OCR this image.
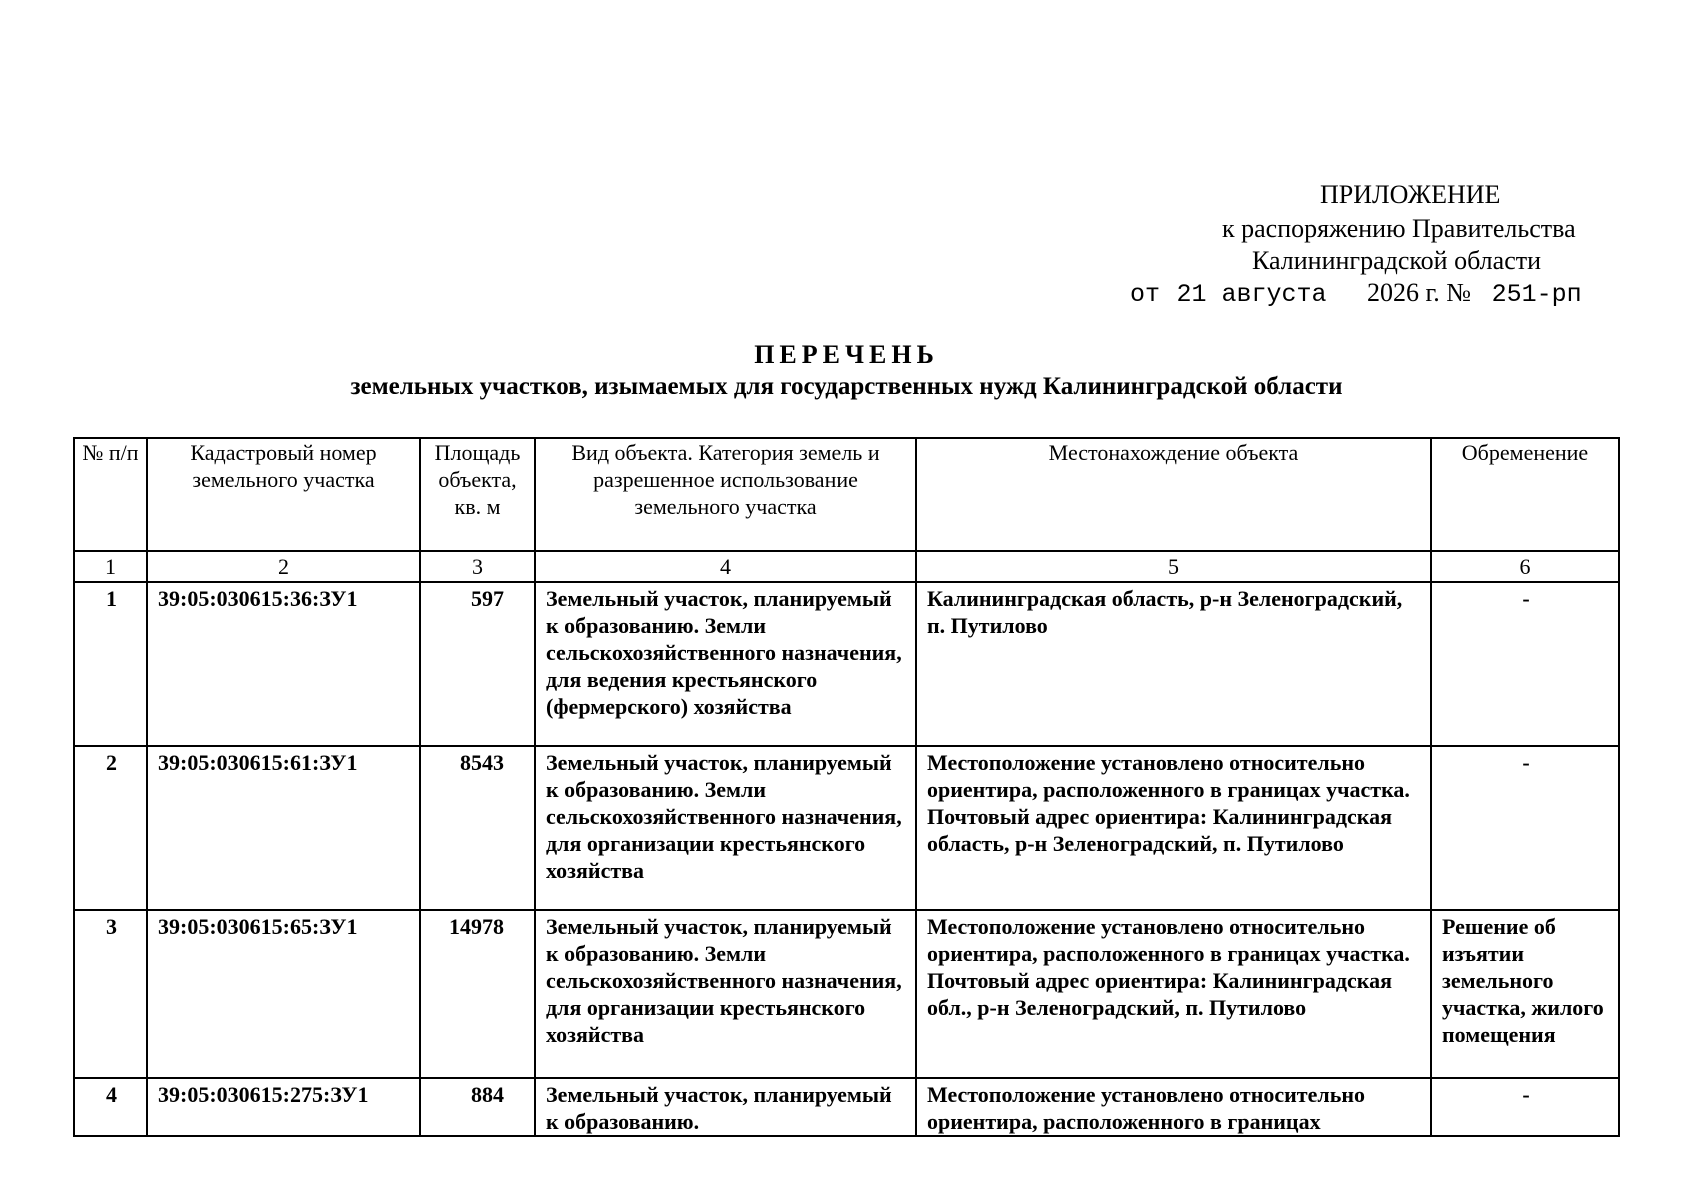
ПРИЛОЖЕНИЕ
к распоряжению Правительства
Калининградской области
от 21 августа 2026 г. № 251-рп
ПЕРЕЧЕНЬ
земельных участков, изымаемых для государственных нужд Калининградской области
№ п/п	Кадастровый номер земельного участка	Площадь объекта, кв. м	Вид объекта. Категория земель и разрешенное использование земельного участка	Местонахождение объекта	Обременение
1	2	3	4	5	6
1	39:05:030615:36:ЗУ1	597	Земельный участок, планируемый к образованию. Земли сельскохозяйственного назначения, для ведения крестьянского (фермерского) хозяйства	Калининградская область, р-н Зеленоградский, п. Путилово	-
2	39:05:030615:61:ЗУ1	8543	Земельный участок, планируемый к образованию. Земли сельскохозяйственного назначения, для организации крестьянского хозяйства	Местоположение установлено относительно ориентира, расположенного в границах участка. Почтовый адрес ориентира: Калининградская область, р-н Зеленоградский, п. Путилово	-
3	39:05:030615:65:ЗУ1	14978	Земельный участок, планируемый к образованию. Земли сельскохозяйственного назначения, для организации крестьянского хозяйства	Местоположение установлено относительно ориентира, расположенного в границах участка. Почтовый адрес ориентира: Калининградская обл., р-н Зеленоградский, п. Путилово	Решение об изъятии земельного участка, жилого помещения
4	39:05:030615:275:ЗУ1	884	Земельный участок, планируемый к образованию.	Местоположение установлено относительно ориентира, расположенного в границах	-
